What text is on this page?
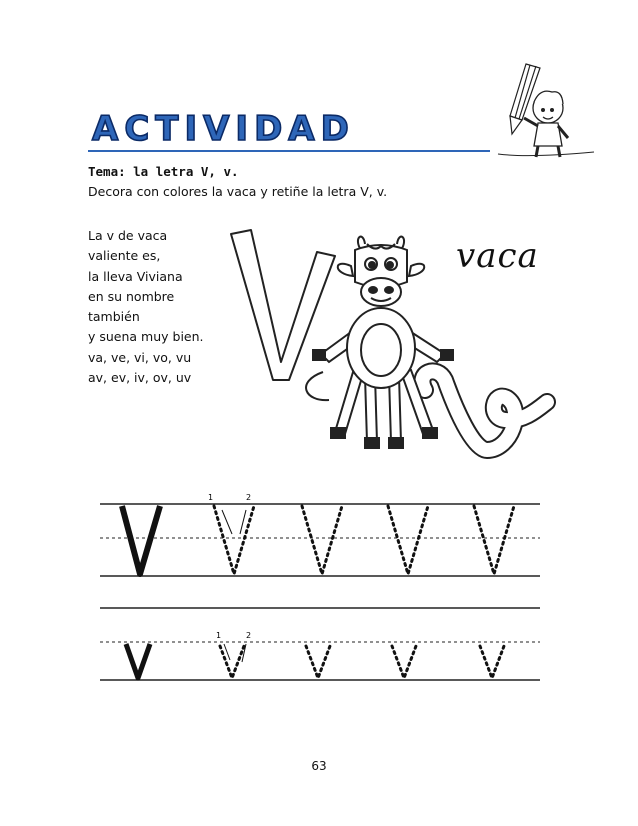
ACTIVIDAD
Tema: la letra V, v.
Decora con colores la vaca y retiñe la letra V, v.
La v de vaca
valiente es,
la lleva Viviana
en su nombre
también
y suena muy bien.
va, ve, vi, vo, vu
av, ev, iv, ov, uv
vaca
1	2
1	2
63
